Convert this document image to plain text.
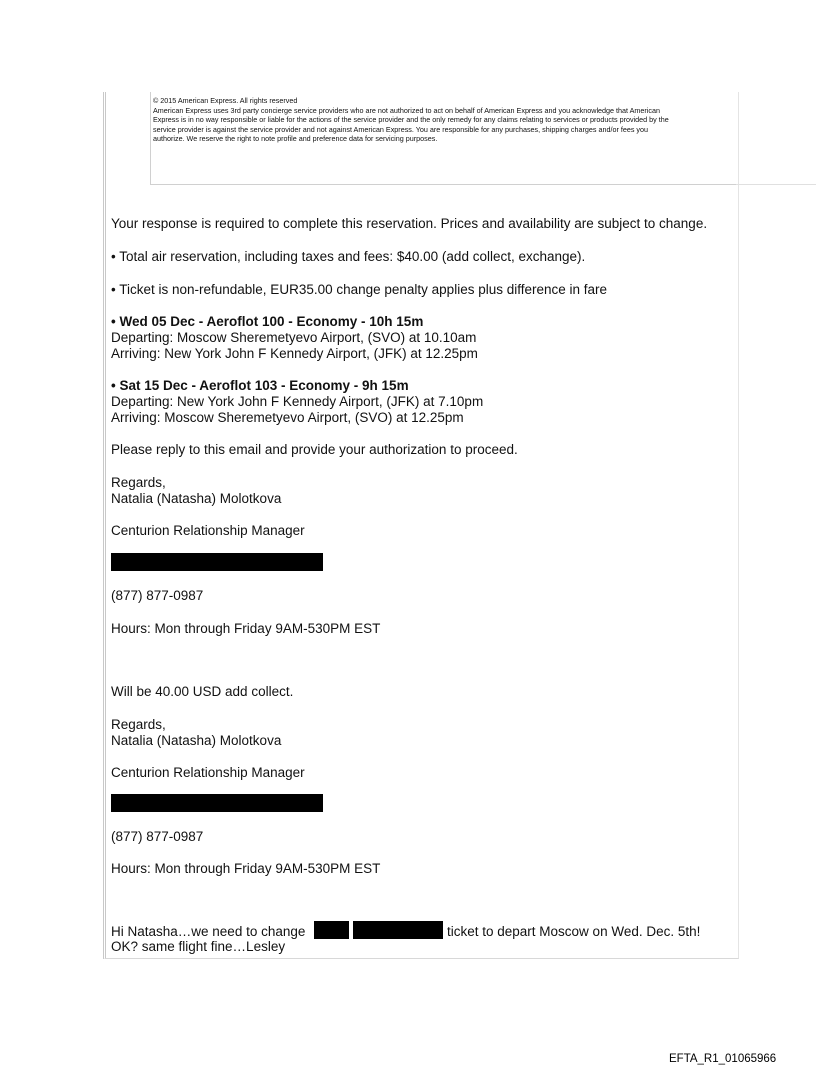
© 2015 American Express. All rights reserved
American Express uses 3rd party concierge service providers who are not authorized to act on behalf of American Express and you acknowledge that American
Express is in no way responsible or liable for the actions of the service provider and the only remedy for any claims relating to services or products provided by the
service provider is against the service provider and not against American Express. You are responsible for any purchases, shipping charges and/or fees you
authorize. We reserve the right to note profile and preference data for servicing purposes.
Your response is required to complete this reservation. Prices and availability are subject to change.
• Total air reservation, including taxes and fees: $40.00 (add collect, exchange).
• Ticket is non-refundable, EUR35.00 change penalty applies plus difference in fare
• Wed 05 Dec - Aeroflot 100 - Economy - 10h 15m
Departing: Moscow Sheremetyevo Airport, (SVO) at 10.10am
Arriving: New York John F Kennedy Airport, (JFK) at 12.25pm
• Sat 15 Dec - Aeroflot 103 - Economy - 9h 15m
Departing: New York John F Kennedy Airport, (JFK) at 7.10pm
Arriving: Moscow Sheremetyevo Airport, (SVO) at 12.25pm
Please reply to this email and provide your authorization to proceed.
Regards,
Natalia (Natasha) Molotkova
Centurion Relationship Manager
(877) 877-0987
Hours: Mon through Friday 9AM-530PM EST
Will be 40.00 USD add collect.
Regards,
Natalia (Natasha) Molotkova
Centurion Relationship Manager
(877) 877-0987
Hours: Mon through Friday 9AM-530PM EST
Hi Natasha…we need to change	ticket to depart Moscow on Wed. Dec. 5th!
OK? same flight fine…Lesley
EFTA_R1_01065966
